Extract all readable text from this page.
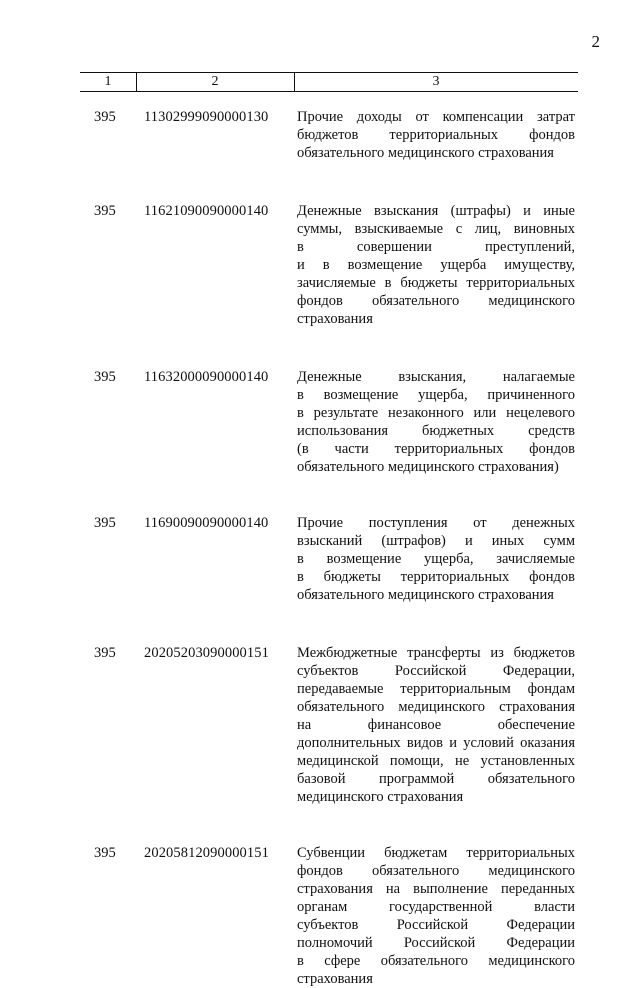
2
1	2	3
395 11302999090000130 Прочие доходы от компенсации затрат
бюджетов территориальных фондов
обязательного медицинского страхования
395 11621090090000140 Денежные взыскания (штрафы) и иные
суммы, взыскиваемые с лиц, виновных
в совершении преступлений,
и в возмещение ущерба имуществу,
зачисляемые в бюджеты территориальных
фондов обязательного медицинского
страхования
395 11632000090000140 Денежные взыскания, налагаемые
в возмещение ущерба, причиненного
в результате незаконного или нецелевого
использования бюджетных средств
(в части территориальных фондов
обязательного медицинского страхования)
395 11690090090000140 Прочие поступления от денежных
взысканий (штрафов) и иных сумм
в возмещение ущерба, зачисляемые
в бюджеты территориальных фондов
обязательного медицинского страхования
395 20205203090000151 Межбюджетные трансферты из бюджетов
субъектов Российской Федерации,
передаваемые территориальным фондам
обязательного медицинского страхования
на финансовое обеспечение
дополнительных видов и условий оказания
медицинской помощи, не установленных
базовой программой обязательного
медицинского страхования
395 20205812090000151 Субвенции бюджетам территориальных
фондов обязательного медицинского
страхования на выполнение переданных
органам государственной власти
субъектов Российской Федерации
полномочий Российской Федерации
в сфере обязательного медицинского
страхования
